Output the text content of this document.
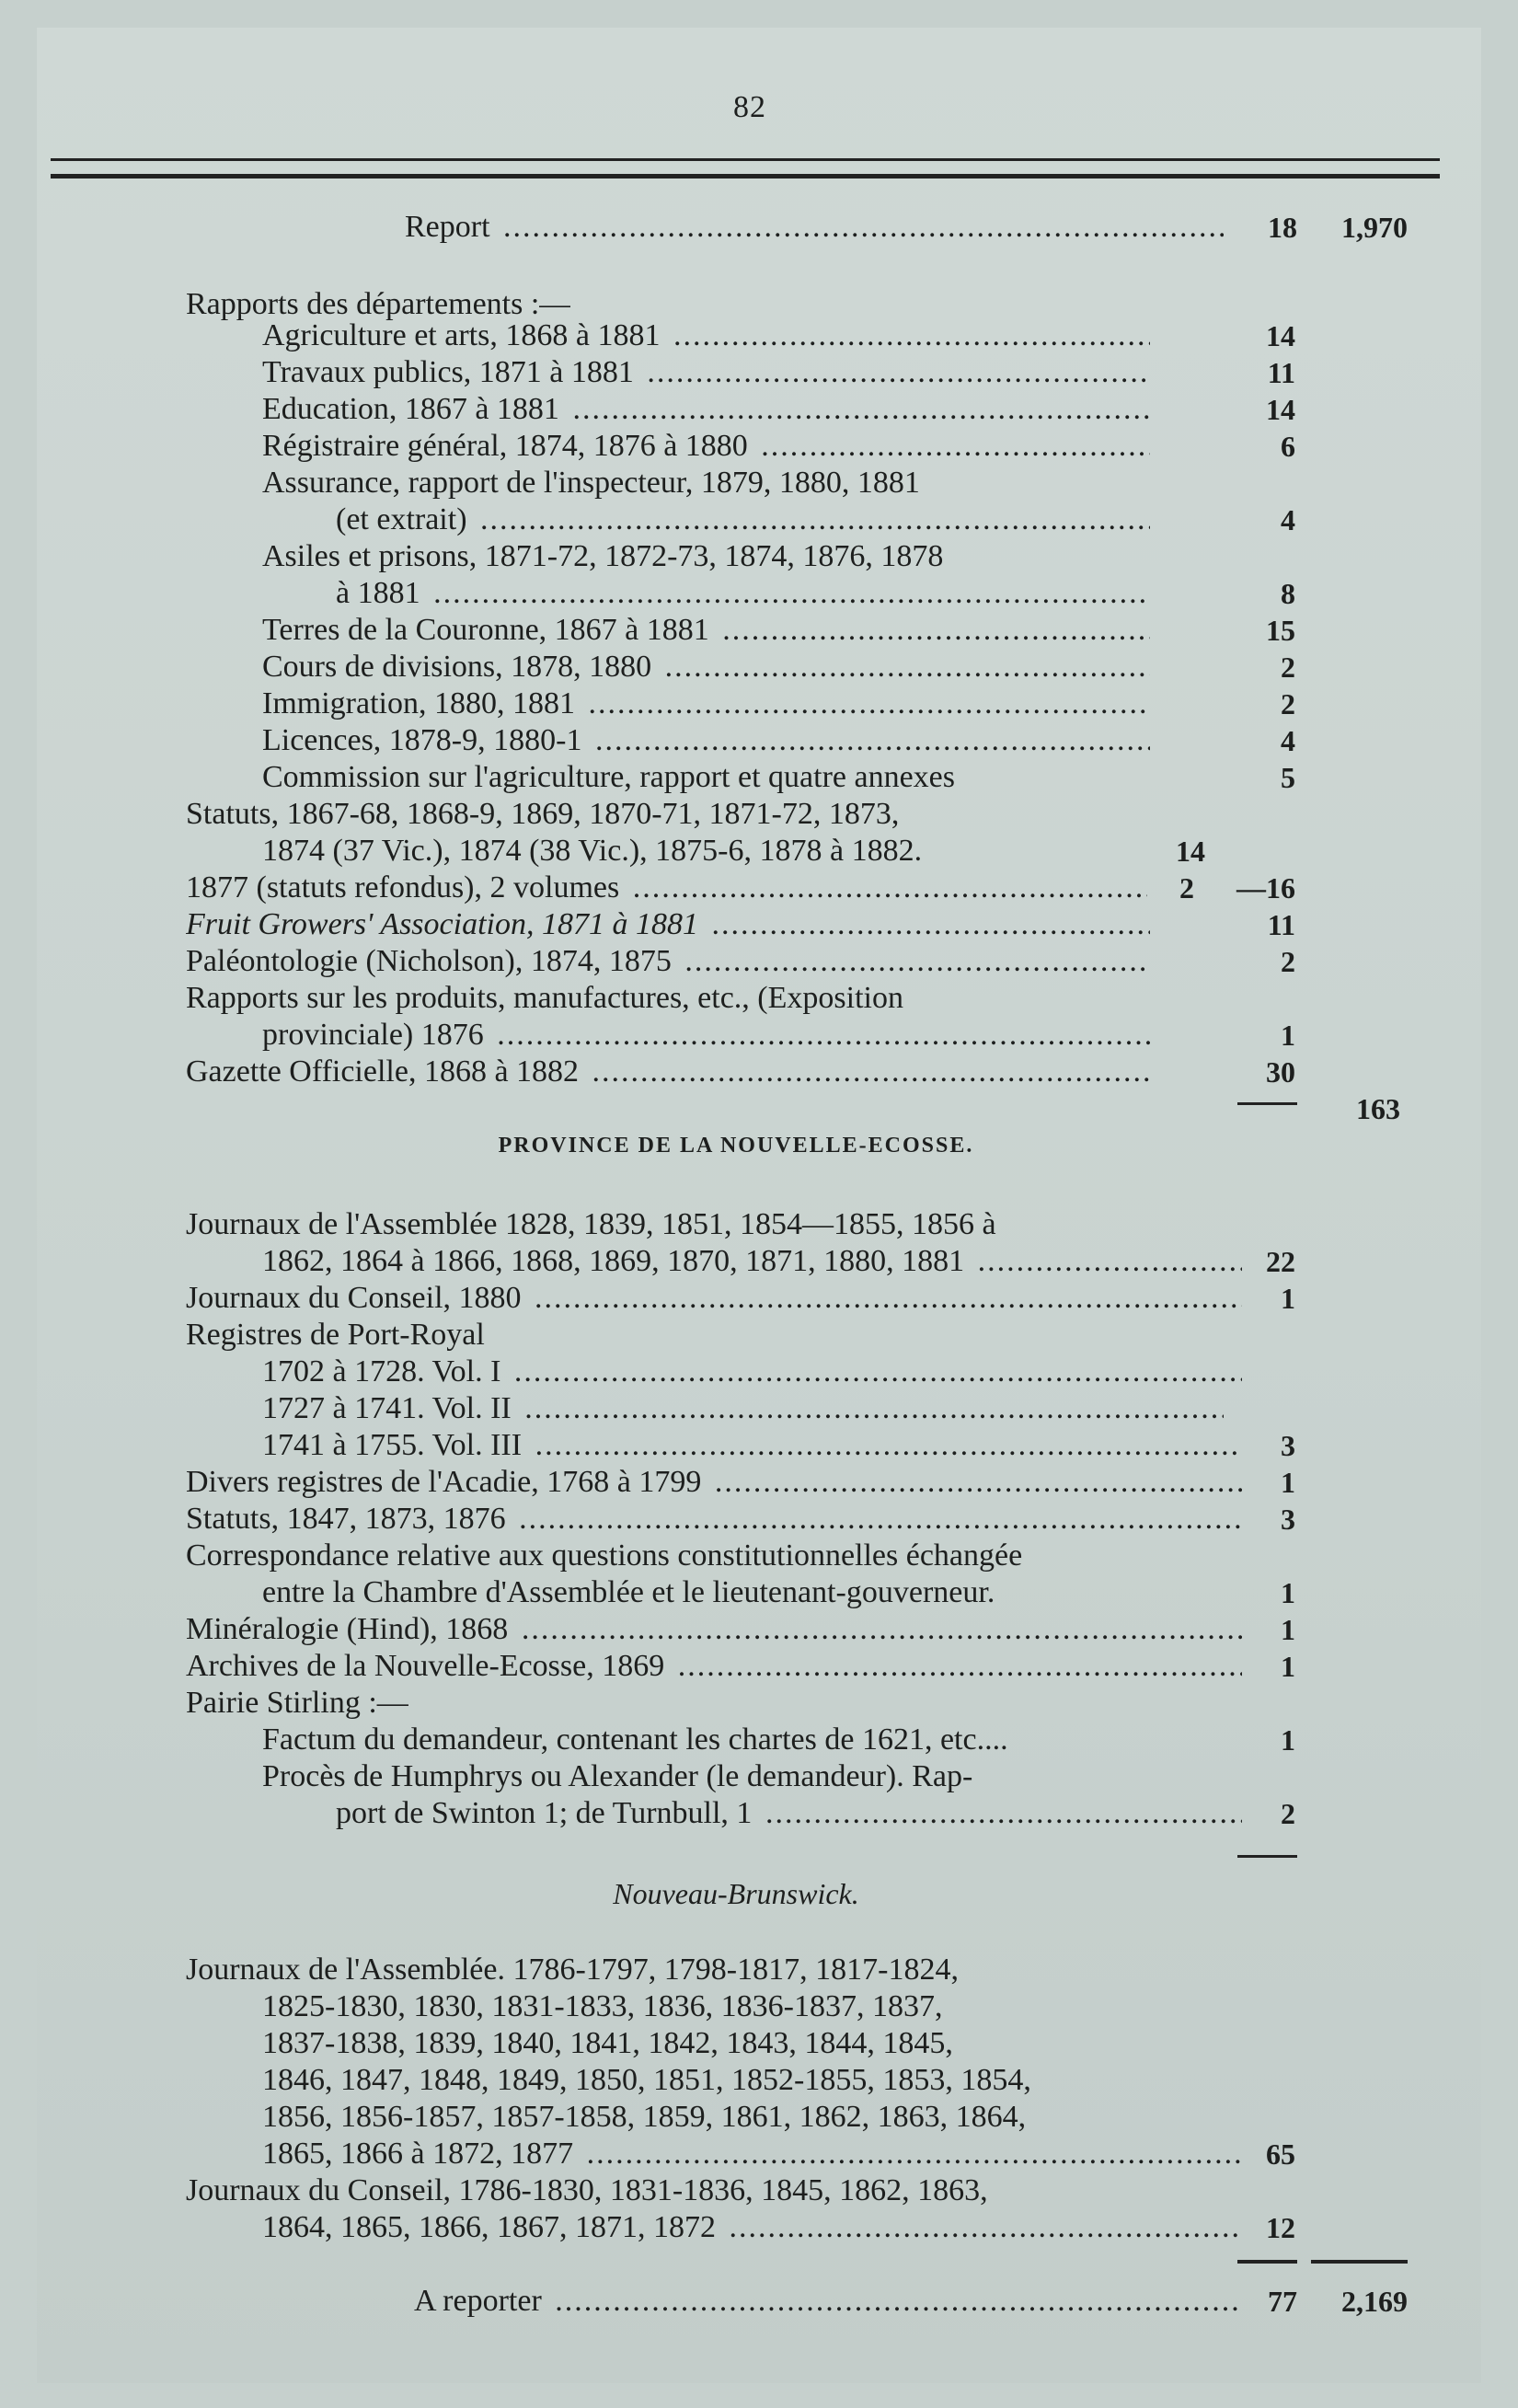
82
Report .....	18	1,970
Rapports des départements :—
Agriculture et arts, 1868 à 1881 .....	14
Travaux publics, 1871 à 1881 .....	11
Education, 1867 à 1881 .....	14
Régistraire général, 1874, 1876 à 1880 .....	6
Assurance, rapport de l'inspecteur, 1879, 1880, 1881
(et extrait) .....	4
Asiles et prisons, 1871-72, 1872-73, 1874, 1876, 1878
à 1881 .....	8
Terres de la Couronne, 1867 à 1881 .....	15
Cours de divisions, 1878, 1880 .....	2
Immigration, 1880, 1881 .....	2
Licences, 1878-9, 1880-1 .....	4
Commission sur l'agriculture, rapport et quatre annexes	5
Statuts, 1867-68, 1868-9, 1869, 1870-71, 1871-72, 1873,
1874 (37 Vic.), 1874 (38 Vic.), 1875-6, 1878 à 1882.	14
1877 (statuts refondus), 2 volumes .....	2	—16
Fruit Growers' Association, 1871 à 1881 .....	11
Paléontologie (Nicholson), 1874, 1875 .....	2
Rapports sur les produits, manufactures, etc., (Exposition
provinciale) 1876 .....	1
Gazette Officielle, 1868 à 1882 .....	30
163
PROVINCE DE LA NOUVELLE-ECOSSE.
Journaux de l'Assemblée 1828, 1839, 1851, 1854—1855, 1856 à
1862, 1864 à 1866, 1868, 1869, 1870, 1871, 1880, 1881 .....	22
Journaux du Conseil, 1880 .....	1
Registres de Port-Royal
1702 à 1728. Vol. I .....
1727 à 1741. Vol. II .....
1741 à 1755. Vol. III .....	3
Divers registres de l'Acadie, 1768 à 1799 .....	1
Statuts, 1847, 1873, 1876 .....	3
Correspondance relative aux questions constitutionnelles échangée
entre la Chambre d'Assemblée et le lieutenant-gouverneur.	1
Minéralogie (Hind), 1868 .....	1
Archives de la Nouvelle-Ecosse, 1869 .....	1
Pairie Stirling :—
Factum du demandeur, contenant les chartes de 1621, etc....	1
Procès de Humphrys ou Alexander (le demandeur). Rap-
port de Swinton 1; de Turnbull, 1 .....	2
Nouveau-Brunswick.
Journaux de l'Assemblée. 1786-1797, 1798-1817, 1817-1824,
1825-1830, 1830, 1831-1833, 1836, 1836-1837, 1837,
1837-1838, 1839, 1840, 1841, 1842, 1843, 1844, 1845,
1846, 1847, 1848, 1849, 1850, 1851, 1852-1855, 1853, 1854,
1856, 1856-1857, 1857-1858, 1859, 1861, 1862, 1863, 1864,
1865, 1866 à 1872, 1877 .....	65
Journaux du Conseil, 1786-1830, 1831-1836, 1845, 1862, 1863,
1864, 1865, 1866, 1867, 1871, 1872 .....	12
A reporter .....	77	2,169
